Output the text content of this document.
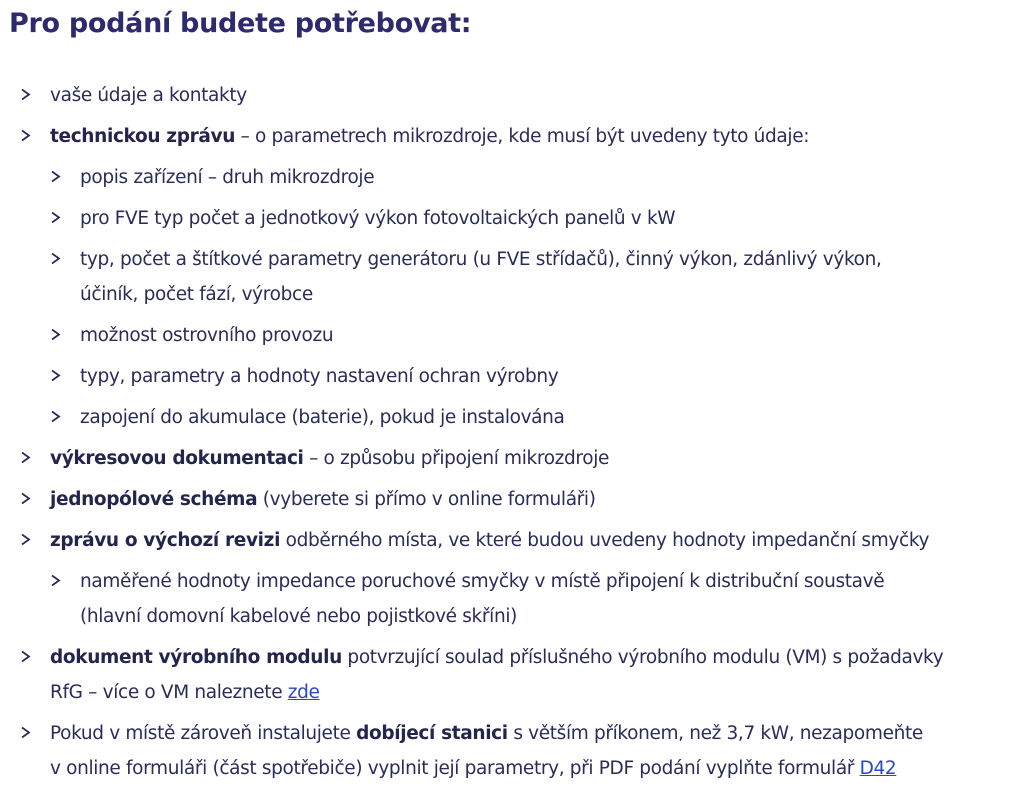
Pro podání budete potřebovat:
vaše údaje a kontakty
technickou zprávu – o parametrech mikrozdroje, kde musí být uvedeny tyto údaje:
popis zařízení – druh mikrozdroje
pro FVE typ počet a jednotkový výkon fotovoltaických panelů v kW
typ, počet a štítkové parametry generátoru (u FVE střídačů), činný výkon, zdánlivý výkon,
účiník, počet fází, výrobce
možnost ostrovního provozu
typy, parametry a hodnoty nastavení ochran výrobny
zapojení do akumulace (baterie), pokud je instalována
výkresovou dokumentaci – o způsobu připojení mikrozdroje
jednopólové schéma (vyberete si přímo v online formuláři)
zprávu o výchozí revizi odběrného místa, ve které budou uvedeny hodnoty impedanční smyčky
naměřené hodnoty impedance poruchové smyčky v místě připojení k distribuční soustavě
(hlavní domovní kabelové nebo pojistkové skříni)
dokument výrobního modulu potvrzující soulad příslušného výrobního modulu (VM) s požadavky
RfG – více o VM naleznete zde
Pokud v místě zároveň instalujete dobíjecí stanici s větším příkonem, než 3,7 kW, nezapomeňte
v online formuláři (část spotřebiče) vyplnit její parametry, při PDF podání vyplňte formulář D42
